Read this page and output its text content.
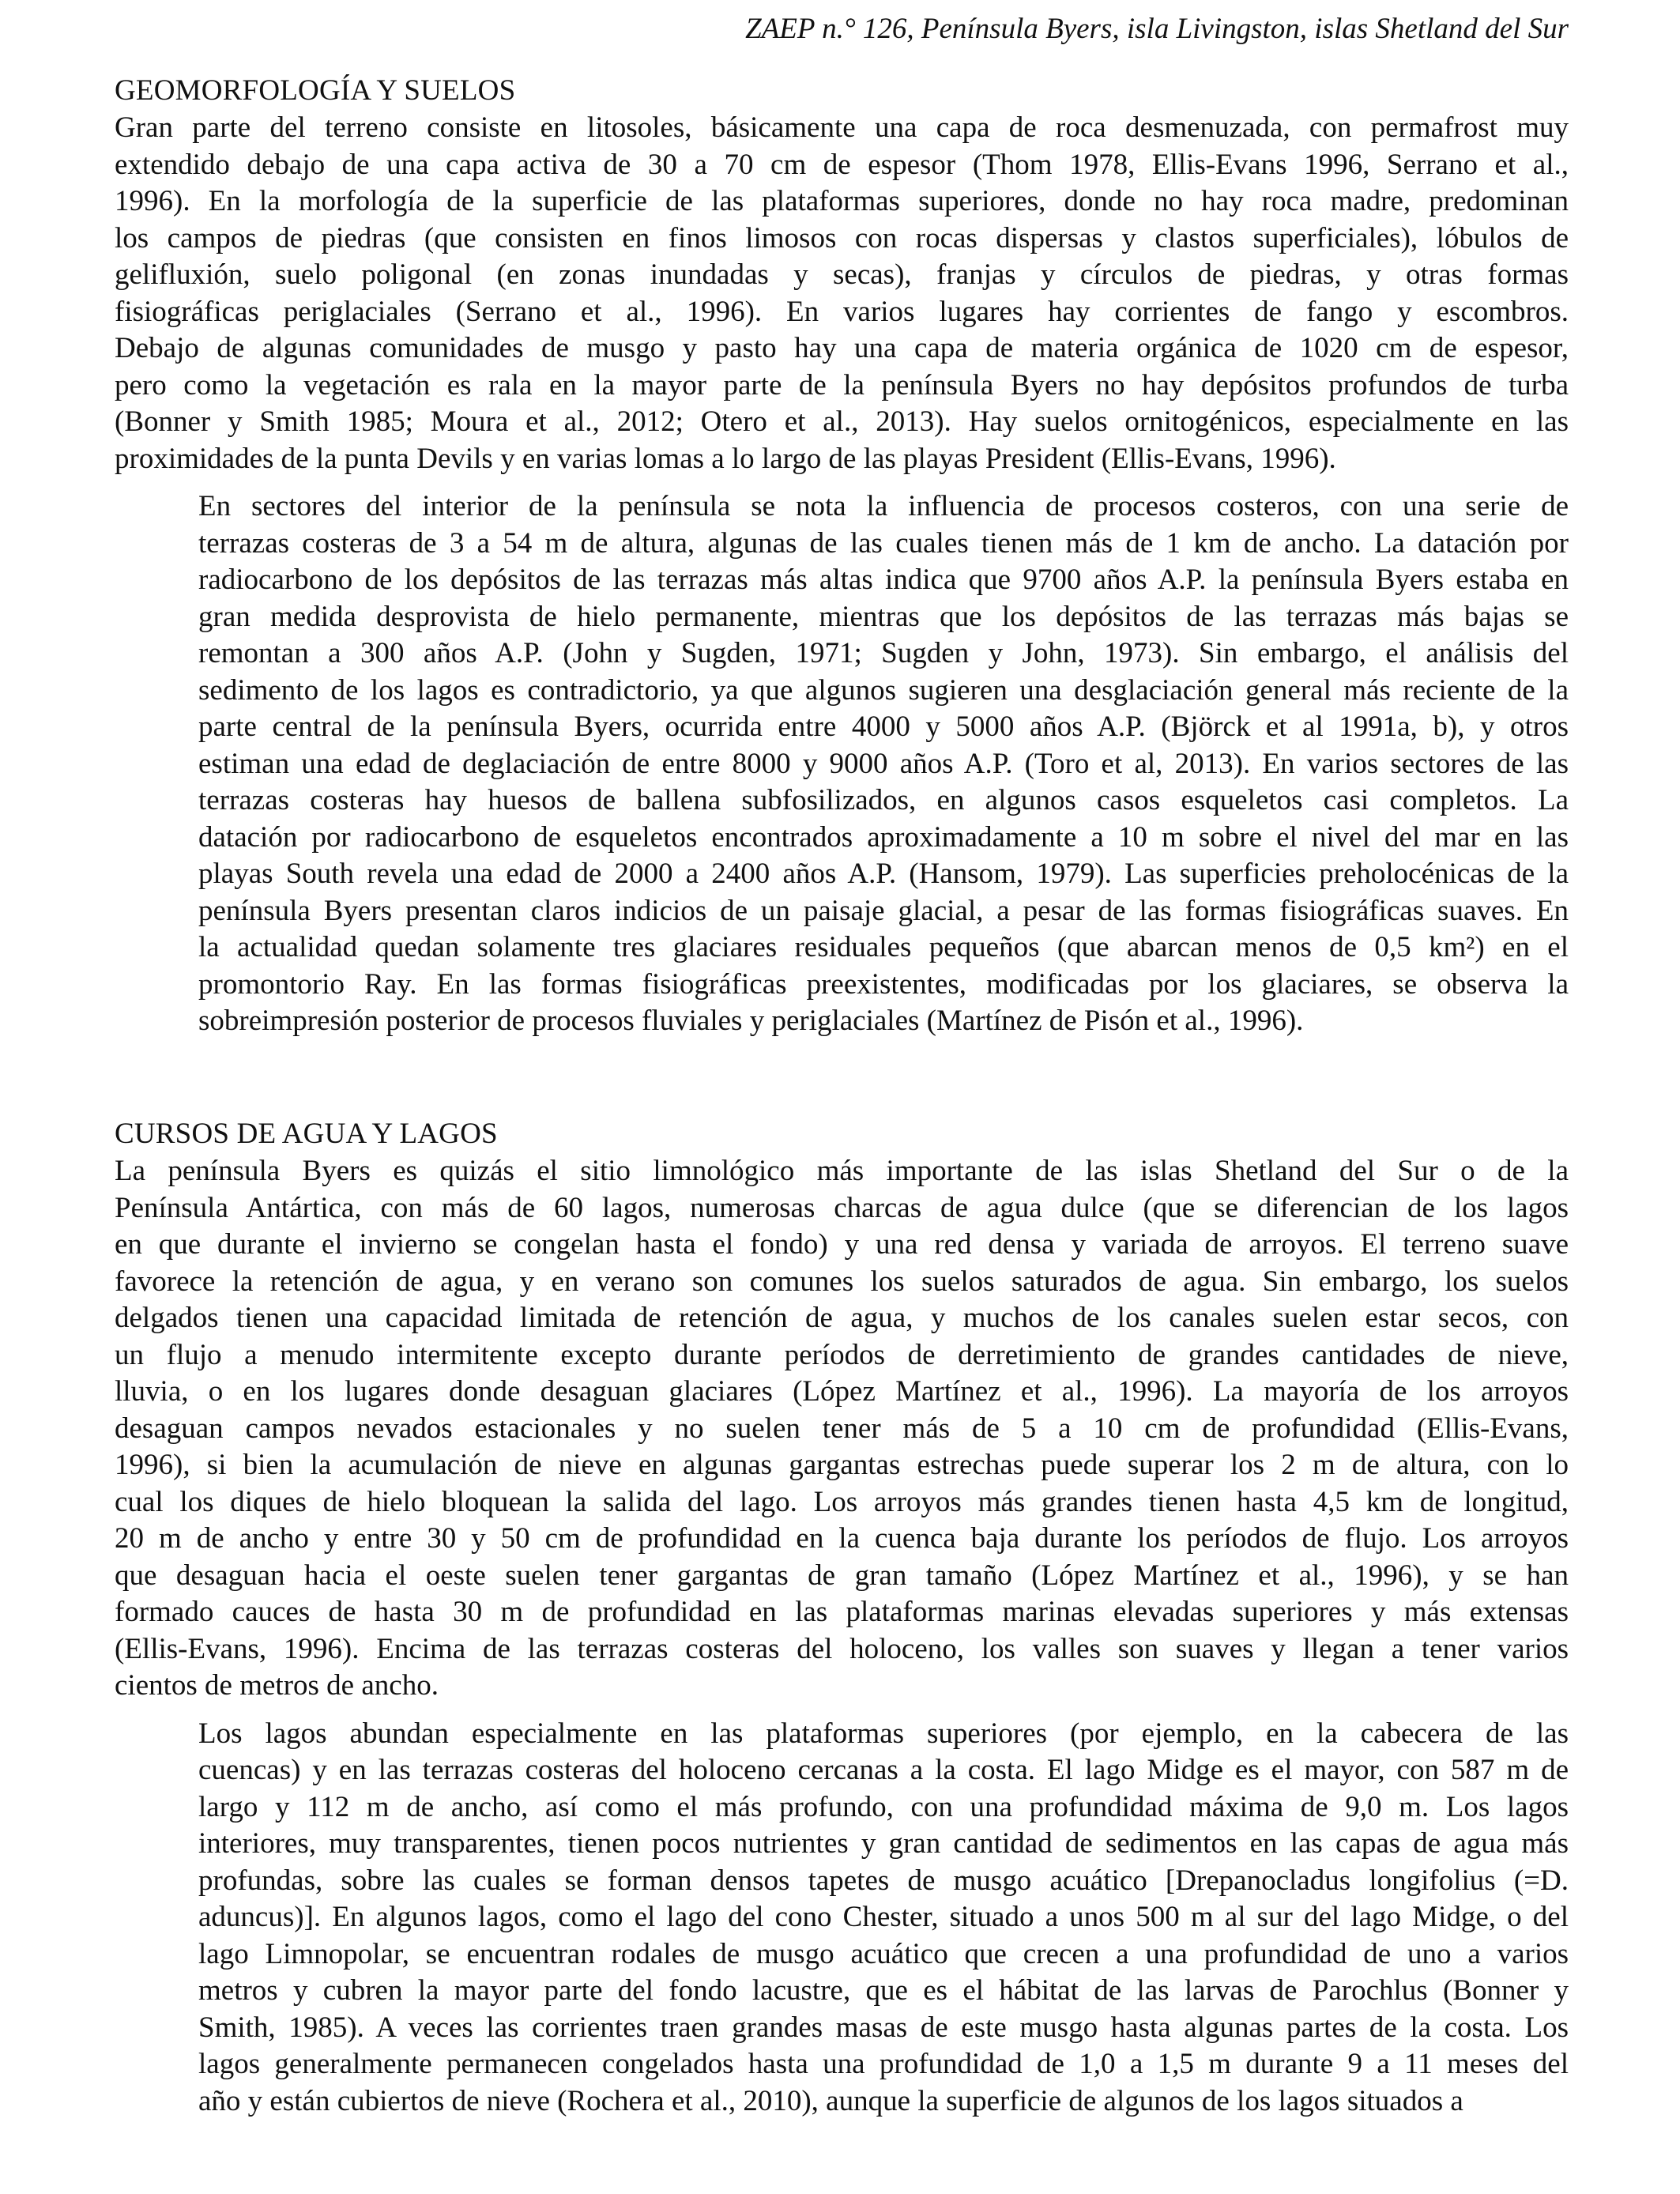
ZAEP n.° 126, Península Byers, isla Livingston, islas Shetland del Sur
GEOMORFOLOGÍA Y SUELOS

Gran parte del terreno consiste en litosoles, básicamente una capa de roca desmenuzada, con permafrost muy
extendido debajo de una capa activa de 30 a 70 cm de espesor (Thom 1978, Ellis-Evans 1996, Serrano et al.,
1996). En la morfología de la superficie de las plataformas superiores, donde no hay roca madre, predominan
los campos de piedras (que consisten en finos limosos con rocas dispersas y clastos superficiales), lóbulos de
gelifluxión, suelo poligonal (en zonas inundadas y secas), franjas y círculos de piedras, y otras formas
fisiográficas periglaciales (Serrano et al., 1996). En varios lugares hay corrientes de fango y escombros.
Debajo de algunas comunidades de musgo y pasto hay una capa de materia orgánica de 1020 cm de espesor,
pero como la vegetación es rala en la mayor parte de la península Byers no hay depósitos profundos de turba
(Bonner y Smith 1985; Moura et al., 2012; Otero et al., 2013). Hay suelos ornitogénicos, especialmente en las
proximidades de la punta Devils y en varias lomas a lo largo de las playas President (Ellis-Evans, 1996).

En sectores del interior de la península se nota la influencia de procesos costeros, con una serie de
terrazas costeras de 3 a 54 m de altura, algunas de las cuales tienen más de 1 km de ancho. La datación por
radiocarbono de los depósitos de las terrazas más altas indica que 9700 años A.P. la península Byers estaba en
gran medida desprovista de hielo permanente, mientras que los depósitos de las terrazas más bajas se
remontan a 300 años A.P. (John y Sugden, 1971; Sugden y John, 1973). Sin embargo, el análisis del
sedimento de los lagos es contradictorio, ya que algunos sugieren una desglaciación general más reciente de la
parte central de la península Byers, ocurrida entre 4000 y 5000 años A.P. (Björck et al 1991a, b), y otros
estiman una edad de deglaciación de entre 8000 y 9000 años A.P. (Toro et al, 2013). En varios sectores de las
terrazas costeras hay huesos de ballena subfosilizados, en algunos casos esqueletos casi completos. La
datación por radiocarbono de esqueletos encontrados aproximadamente a 10 m sobre el nivel del mar en las
playas South revela una edad de 2000 a 2400 años A.P. (Hansom, 1979). Las superficies preholocénicas de la
península Byers presentan claros indicios de un paisaje glacial, a pesar de las formas fisiográficas suaves. En
la actualidad quedan solamente tres glaciares residuales pequeños (que abarcan menos de 0,5 km²) en el
promontorio Ray. En las formas fisiográficas preexistentes, modificadas por los glaciares, se observa la
sobreimpresión posterior de procesos fluviales y periglaciales (Martínez de Pisón et al., 1996).

CURSOS DE AGUA Y LAGOS

La península Byers es quizás el sitio limnológico más importante de las islas Shetland del Sur o de la
Península Antártica, con más de 60 lagos, numerosas charcas de agua dulce (que se diferencian de los lagos
en que durante el invierno se congelan hasta el fondo) y una red densa y variada de arroyos. El terreno suave
favorece la retención de agua, y en verano son comunes los suelos saturados de agua. Sin embargo, los suelos
delgados tienen una capacidad limitada de retención de agua, y muchos de los canales suelen estar secos, con
un flujo a menudo intermitente excepto durante períodos de derretimiento de grandes cantidades de nieve,
lluvia, o en los lugares donde desaguan glaciares (López Martínez et al., 1996). La mayoría de los arroyos
desaguan campos nevados estacionales y no suelen tener más de 5 a 10 cm de profundidad (Ellis-Evans,
1996), si bien la acumulación de nieve en algunas gargantas estrechas puede superar los 2 m de altura, con lo
cual los diques de hielo bloquean la salida del lago. Los arroyos más grandes tienen hasta 4,5 km de longitud,
20 m de ancho y entre 30 y 50 cm de profundidad en la cuenca baja durante los períodos de flujo. Los arroyos
que desaguan hacia el oeste suelen tener gargantas de gran tamaño (López Martínez et al., 1996), y se han
formado cauces de hasta 30 m de profundidad en las plataformas marinas elevadas superiores y más extensas
(Ellis-Evans, 1996). Encima de las terrazas costeras del holoceno, los valles son suaves y llegan a tener varios
cientos de metros de ancho.

Los lagos abundan especialmente en las plataformas superiores (por ejemplo, en la cabecera de las
cuencas) y en las terrazas costeras del holoceno cercanas a la costa. El lago Midge es el mayor, con 587 m de
largo y 112 m de ancho, así como el más profundo, con una profundidad máxima de 9,0 m. Los lagos
interiores, muy transparentes, tienen pocos nutrientes y gran cantidad de sedimentos en las capas de agua más
profundas, sobre las cuales se forman densos tapetes de musgo acuático [Drepanocladus longifolius (=D.
aduncus)]. En algunos lagos, como el lago del cono Chester, situado a unos 500 m al sur del lago Midge, o del
lago Limnopolar, se encuentran rodales de musgo acuático que crecen a una profundidad de uno a varios
metros y cubren la mayor parte del fondo lacustre, que es el hábitat de las larvas de Parochlus (Bonner y
Smith, 1985). A veces las corrientes traen grandes masas de este musgo hasta algunas partes de la costa. Los
lagos generalmente permanecen congelados hasta una profundidad de 1,0 a 1,5 m durante 9 a 11 meses del
año y están cubiertos de nieve (Rochera et al., 2010), aunque la superficie de algunos de los lagos situados a
